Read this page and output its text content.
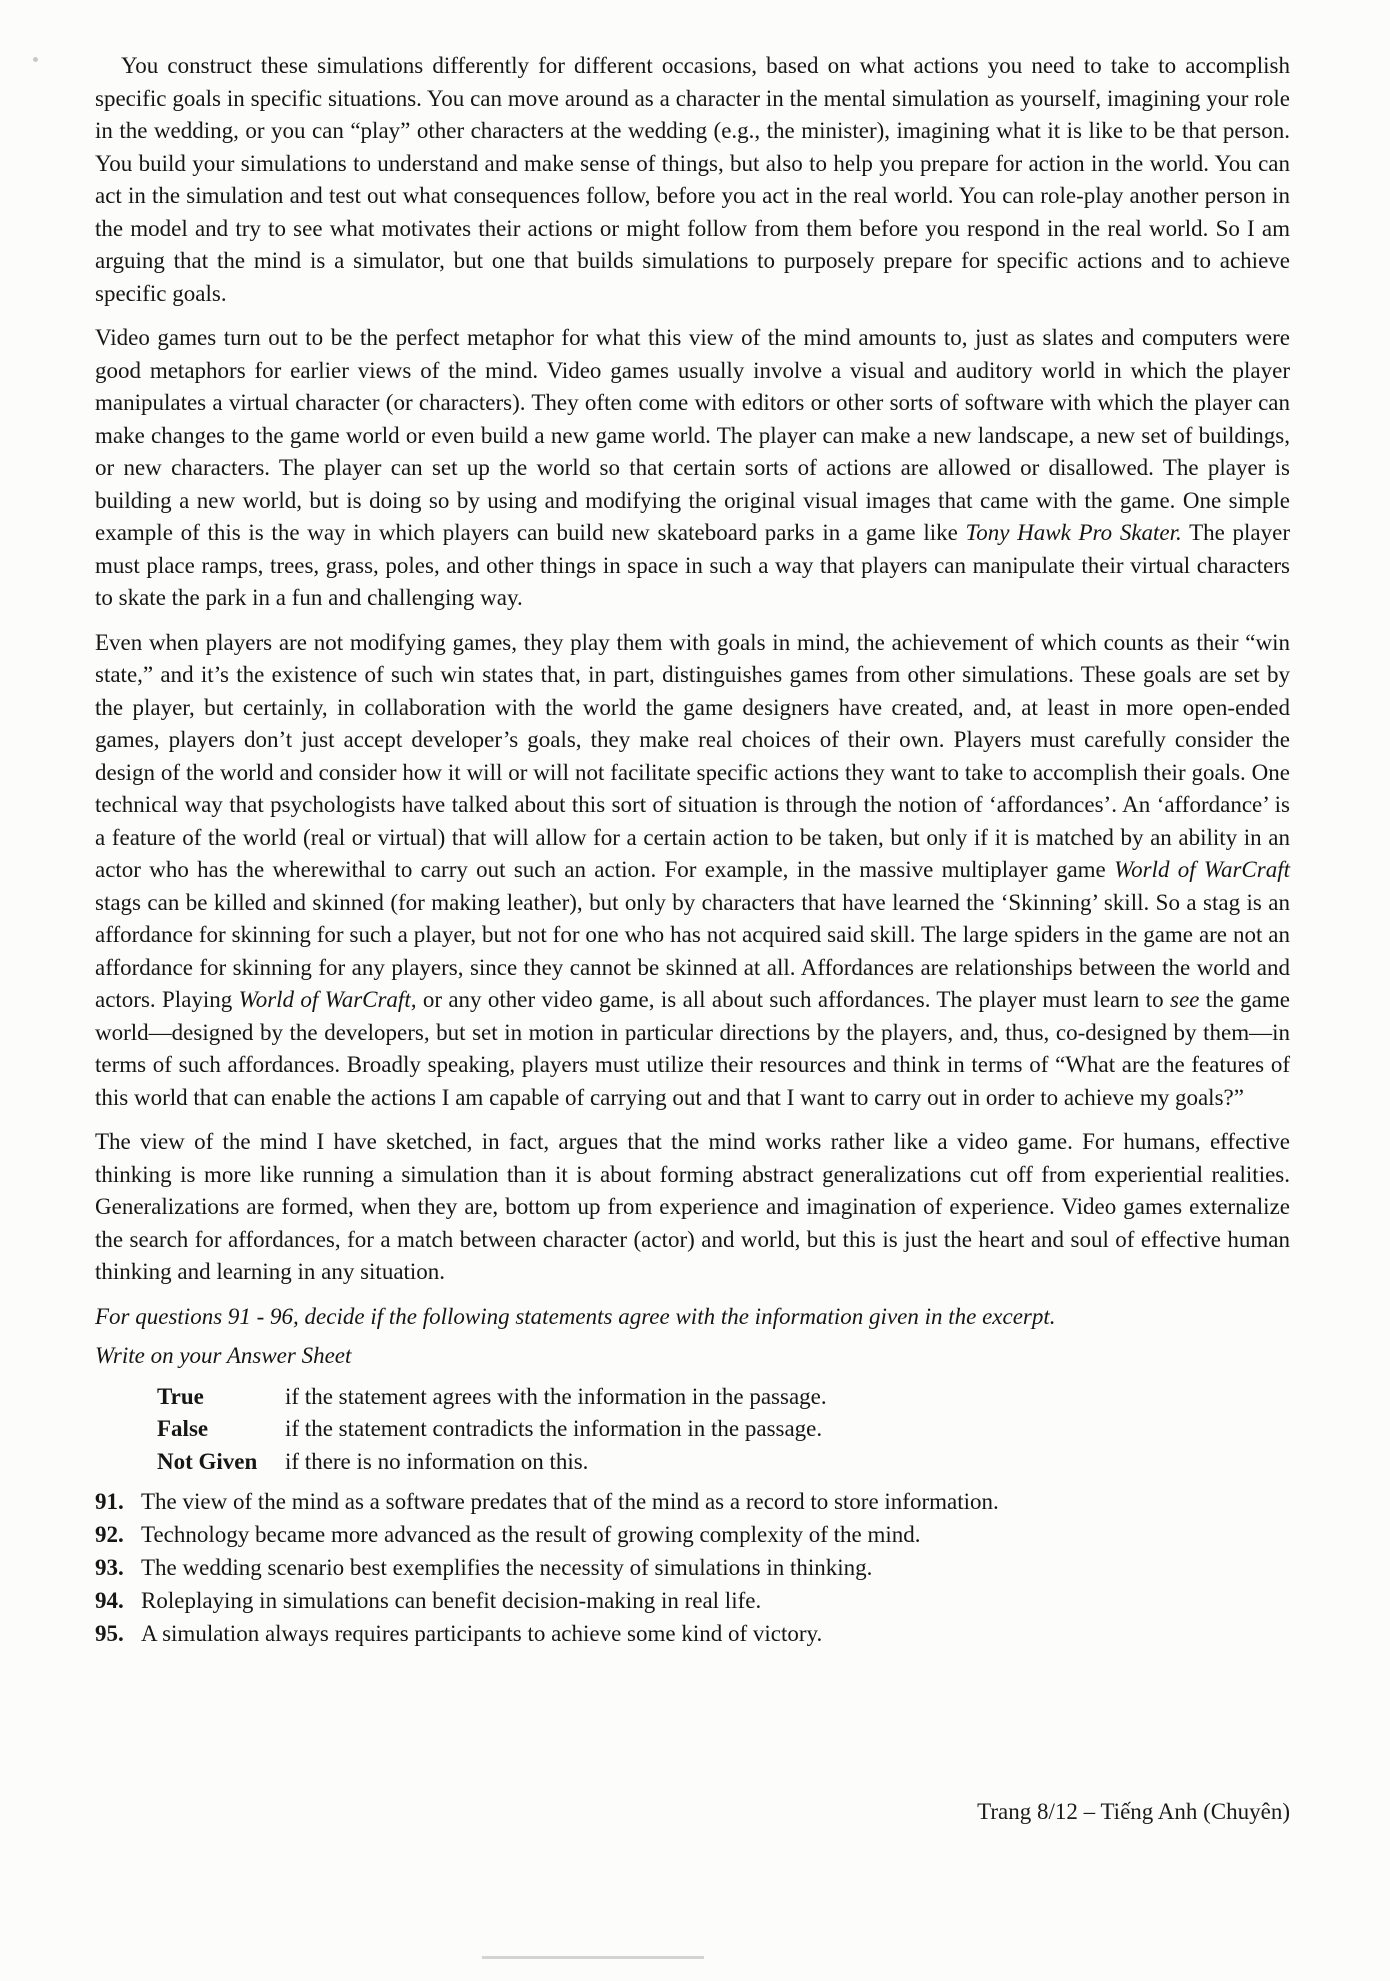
You construct these simulations differently for different occasions, based on what actions you need to take to accomplish specific goals in specific situations. You can move around as a character in the mental simulation as yourself, imagining your role in the wedding, or you can “play” other characters at the wedding (e.g., the minister), imagining what it is like to be that person. You build your simulations to understand and make sense of things, but also to help you prepare for action in the world. You can act in the simulation and test out what consequences follow, before you act in the real world. You can role-play another person in the model and try to see what motivates their actions or might follow from them before you respond in the real world. So I am arguing that the mind is a simulator, but one that builds simulations to purposely prepare for specific actions and to achieve specific goals.

Video games turn out to be the perfect metaphor for what this view of the mind amounts to, just as slates and computers were good metaphors for earlier views of the mind. Video games usually involve a visual and auditory world in which the player manipulates a virtual character (or characters). They often come with editors or other sorts of software with which the player can make changes to the game world or even build a new game world. The player can make a new landscape, a new set of buildings, or new characters. The player can set up the world so that certain sorts of actions are allowed or disallowed. The player is building a new world, but is doing so by using and modifying the original visual images that came with the game. One simple example of this is the way in which players can build new skateboard parks in a game like Tony Hawk Pro Skater. The player must place ramps, trees, grass, poles, and other things in space in such a way that players can manipulate their virtual characters to skate the park in a fun and challenging way.

Even when players are not modifying games, they play them with goals in mind, the achievement of which counts as their “win state,” and it’s the existence of such win states that, in part, distinguishes games from other simulations. These goals are set by the player, but certainly, in collaboration with the world the game designers have created, and, at least in more open-ended games, players don’t just accept developer’s goals, they make real choices of their own. Players must carefully consider the design of the world and consider how it will or will not facilitate specific actions they want to take to accomplish their goals. One technical way that psychologists have talked about this sort of situation is through the notion of ‘affordances’. An ‘affordance’ is a feature of the world (real or virtual) that will allow for a certain action to be taken, but only if it is matched by an ability in an actor who has the wherewithal to carry out such an action. For example, in the massive multiplayer game World of WarCraft stags can be killed and skinned (for making leather), but only by characters that have learned the ‘Skinning’ skill. So a stag is an affordance for skinning for such a player, but not for one who has not acquired said skill. The large spiders in the game are not an affordance for skinning for any players, since they cannot be skinned at all. Affordances are relationships between the world and actors. Playing World of WarCraft, or any other video game, is all about such affordances. The player must learn to see the game world—designed by the developers, but set in motion in particular directions by the players, and, thus, co-designed by them—in terms of such affordances. Broadly speaking, players must utilize their resources and think in terms of “What are the features of this world that can enable the actions I am capable of carrying out and that I want to carry out in order to achieve my goals?”

The view of the mind I have sketched, in fact, argues that the mind works rather like a video game. For humans, effective thinking is more like running a simulation than it is about forming abstract generalizations cut off from experiential realities. Generalizations are formed, when they are, bottom up from experience and imagination of experience. Video games externalize the search for affordances, for a match between character (actor) and world, but this is just the heart and soul of effective human thinking and learning in any situation.

For questions 91 - 96, decide if the following statements agree with the information given in the excerpt.

Write on your Answer Sheet

True	if the statement agrees with the information in the passage.
False	if the statement contradicts the information in the passage.
Not Given	if there is no information on this.
91. The view of the mind as a software predates that of the mind as a record to store information.
92. Technology became more advanced as the result of growing complexity of the mind.
93. The wedding scenario best exemplifies the necessity of simulations in thinking.
94. Roleplaying in simulations can benefit decision-making in real life.
95. A simulation always requires participants to achieve some kind of victory.
Trang 8/12 – Tiếng Anh (Chuyên)
